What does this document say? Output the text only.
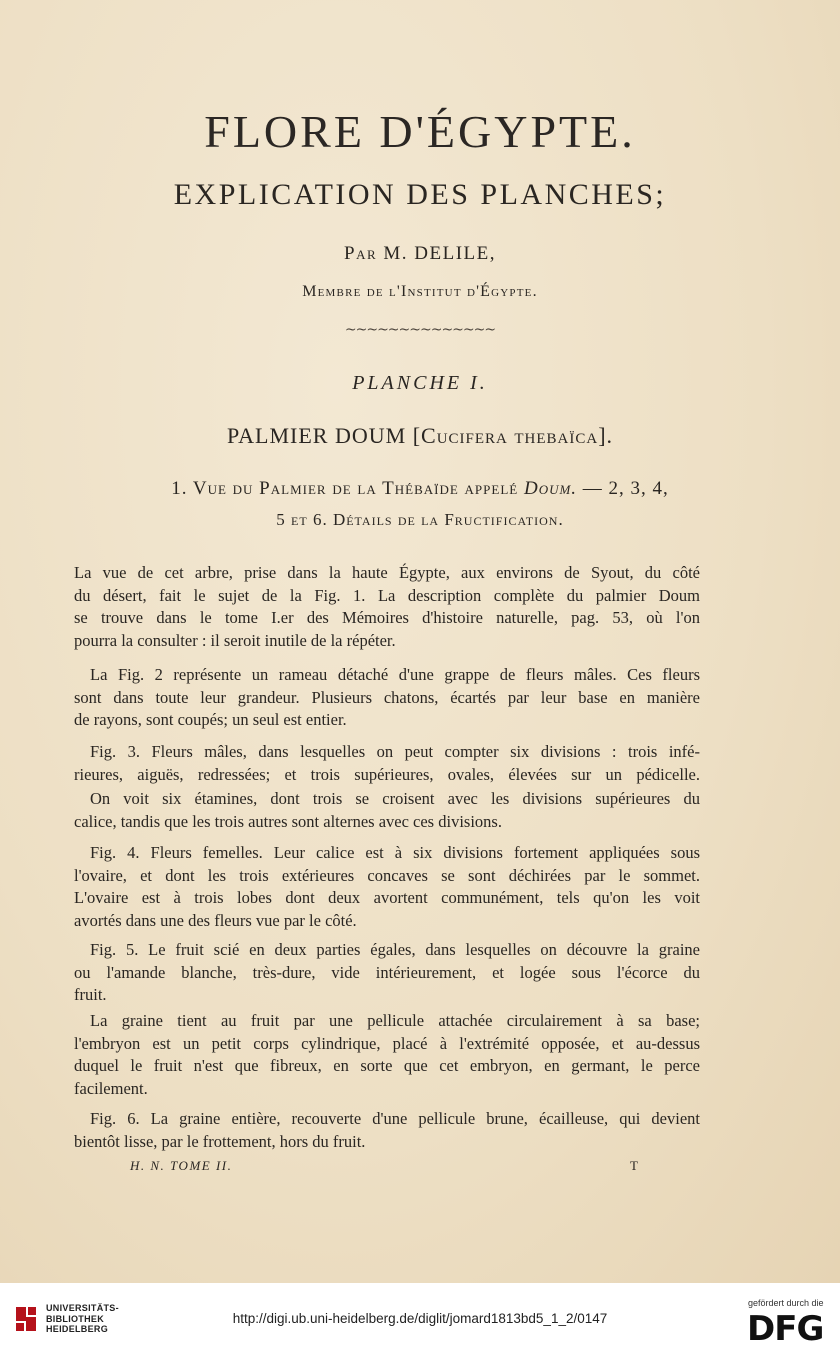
FLORE D'ÉGYPTE.
EXPLICATION DES PLANCHES;
Par M. DELILE,
Membre de l'Institut d'Égypte.
~~~~~~~~~~~~~~
PLANCHE I.
PALMIER DOUM [Cucifera thebaïca].
1. Vue du Palmier de la Thébaïde appelé Doum. — 2, 3, 4,
5 et 6. Détails de la Fructification.
La vue de cet arbre, prise dans la haute Égypte, aux environs de Syout, du côté
du désert, fait le sujet de la Fig. 1. La description complète du palmier Doum
se trouve dans le tome I.er des Mémoires d'histoire naturelle, pag. 53, où l'on
pourra la consulter : il seroit inutile de la répéter.
La Fig. 2 représente un rameau détaché d'une grappe de fleurs mâles. Ces fleurs
sont dans toute leur grandeur. Plusieurs chatons, écartés par leur base en manière
de rayons, sont coupés; un seul est entier.
Fig. 3. Fleurs mâles, dans lesquelles on peut compter six divisions : trois infé-
rieures, aiguës, redressées; et trois supérieures, ovales, élevées sur un pédicelle.
On voit six étamines, dont trois se croisent avec les divisions supérieures du
calice, tandis que les trois autres sont alternes avec ces divisions.
Fig. 4. Fleurs femelles. Leur calice est à six divisions fortement appliquées sous
l'ovaire, et dont les trois extérieures concaves se sont déchirées par le sommet.
L'ovaire est à trois lobes dont deux avortent communément, tels qu'on les voit
avortés dans une des fleurs vue par le côté.
Fig. 5. Le fruit scié en deux parties égales, dans lesquelles on découvre la graine
ou l'amande blanche, très-dure, vide intérieurement, et logée sous l'écorce du
fruit.
La graine tient au fruit par une pellicule attachée circulairement à sa base;
l'embryon est un petit corps cylindrique, placé à l'extrémité opposée, et au-dessus
duquel le fruit n'est que fibreux, en sorte que cet embryon, en germant, le perce
facilement.
Fig. 6. La graine entière, recouverte d'une pellicule brune, écailleuse, qui devient
bientôt lisse, par le frottement, hors du fruit.
H. N. TOME II.	T
UNIVERSITÄTS-
BIBLIOTHEK
HEIDELBERG
http://digi.ub.uni-heidelberg.de/diglit/jomard1813bd5_1_2/0147
gefördert durch die
DFG
